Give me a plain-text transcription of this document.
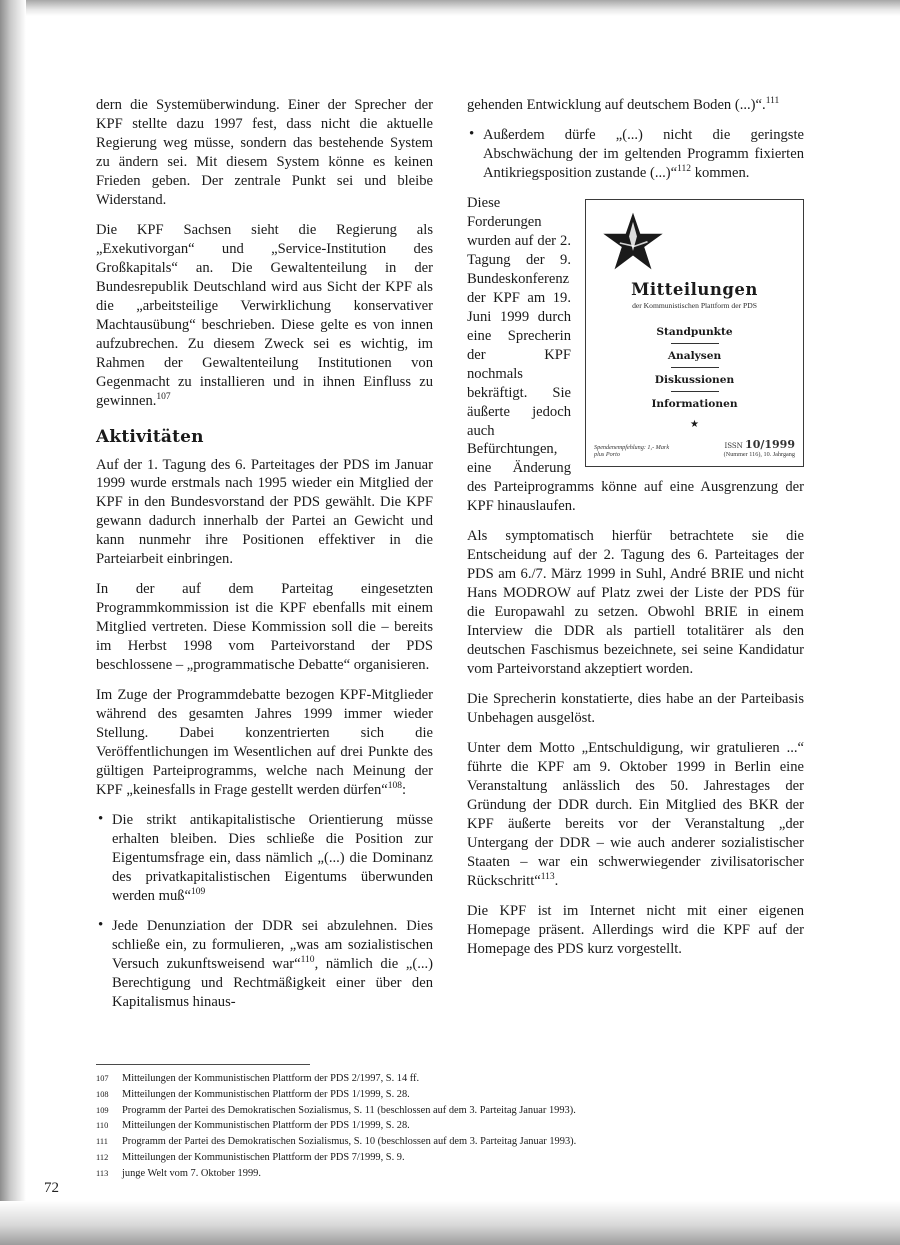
dern die Systemüberwindung. Einer der Sprecher der KPF stellte dazu 1997 fest, dass nicht die aktuelle Regierung weg müsse, sondern das bestehende System zu ändern sei. Mit diesem System könne es keinen Frieden geben. Der zentrale Punkt sei und bleibe Widerstand.

Die KPF Sachsen sieht die Regierung als „Exekutivorgan“ und „Service-Institution des Großkapitals“ an. Die Gewaltenteilung in der Bundesrepublik Deutschland wird aus Sicht der KPF als die „arbeitsteilige Verwirklichung konservativer Machtausübung“ beschrieben. Diese gelte es von innen aufzubrechen. Zu diesem Zweck sei es wichtig, im Rahmen der Gewaltenteilung Institutionen von Gegenmacht zu installieren und in ihnen Einfluss zu gewinnen.$^{107}$

Aktivitäten

Auf der 1. Tagung des 6. Parteitages der PDS im Januar 1999 wurde erstmals nach 1995 wieder ein Mitglied der KPF in den Bundesvorstand der PDS gewählt. Die KPF gewann dadurch innerhalb der Partei an Gewicht und kann nunmehr ihre Positionen effektiver in die Parteiarbeit einbringen.

In der auf dem Parteitag eingesetzten Programmkommission ist die KPF ebenfalls mit einem Mitglied vertreten. Diese Kommission soll die – bereits im Herbst 1998 vom Parteivorstand der PDS beschlossene – „programmatische Debatte“ organisieren.

Im Zuge der Programmdebatte bezogen KPF-Mitglieder während des gesamten Jahres 1999 immer wieder Stellung. Dabei konzentrierten sich die Veröffentlichungen im Wesentlichen auf drei Punkte des gültigen Parteiprogramms, welche nach Meinung der KPF „keinesfalls in Frage gestellt werden dürfen“$^{108}$:

• Die strikt antikapitalistische Orientierung müsse erhalten bleiben. Dies schließe die Position zur Eigentumsfrage ein, dass nämlich „(...) die Dominanz des privatkapitalistischen Eigentums überwunden werden muß“$^{109}$
• Jede Denunziation der DDR sei abzulehnen. Dies schließe ein, zu formulieren, „was am sozialistischen Versuch zukunftsweisend war“$^{110}$, nämlich die „(...) Berechtigung und Rechtmäßigkeit einer über den Kapitalismus hinaus-

gehenden Entwicklung auf deutschem Boden (...)“.$^{111}$

• Außerdem dürfe „(...) nicht die geringste Abschwächung der im geltenden Programm fixierten Antikriegsposition zustande (...)“$^{112}$ kommen.
Mitteilungen
der Kommunistischen Plattform der PDS
Standpunkte
Analysen
Diskussionen
Informationen
★
Spendenempfehlung: 1,- Mark
plus Porto
ISSN 10/1999
(Nummer 116), 10. Jahrgang

Diese Forderungen wurden auf der 2. Tagung der 9. Bundeskonferenz der KPF am 19. Juni 1999 durch eine Sprecherin der KPF nochmals bekräftigt. Sie äußerte jedoch auch Befürchtungen, eine Änderung des Parteiprogramms könne auf eine Ausgrenzung der KPF hinauslaufen.

Als symptomatisch hierfür betrachtete sie die Entscheidung auf der 2. Tagung des 6. Parteitages der PDS am 6./7. März 1999 in Suhl, André BRIE und nicht Hans MODROW auf Platz zwei der Liste der PDS für die Europawahl zu setzen. Obwohl BRIE in einem Interview die DDR als partiell totalitärer als den deutschen Faschismus bezeichnete, sei seine Kandidatur vom Parteivorstand akzeptiert worden.

Die Sprecherin konstatierte, dies habe an der Parteibasis Unbehagen ausgelöst.

Unter dem Motto „Entschuldigung, wir gratulieren ...“ führte die KPF am 9. Oktober 1999 in Berlin eine Veranstaltung anlässlich des 50. Jahrestages der Gründung der DDR durch. Ein Mitglied des BKR der KPF äußerte bereits vor der Veranstaltung „der Untergang der DDR – wie auch anderer sozialistischer Staaten – war ein schwerwiegender zivilisatorischer Rückschritt“$^{113}$.

Die KPF ist im Internet nicht mit einer eigenen Homepage präsent. Allerdings wird die KPF auf der Homepage des PDS kurz vorgestellt.

107	Mitteilungen der Kommunistischen Plattform der PDS 2/1997, S. 14 ff.
108	Mitteilungen der Kommunistischen Plattform der PDS 1/1999, S. 28.
109	Programm der Partei des Demokratischen Sozialismus, S. 11 (beschlossen auf dem 3. Parteitag Januar 1993).
110	Mitteilungen der Kommunistischen Plattform der PDS 1/1999, S. 28.
111	Programm der Partei des Demokratischen Sozialismus, S. 10 (beschlossen auf dem 3. Parteitag Januar 1993).
112	Mitteilungen der Kommunistischen Plattform der PDS 7/1999, S. 9.
113	junge Welt vom 7. Oktober 1999.
72
